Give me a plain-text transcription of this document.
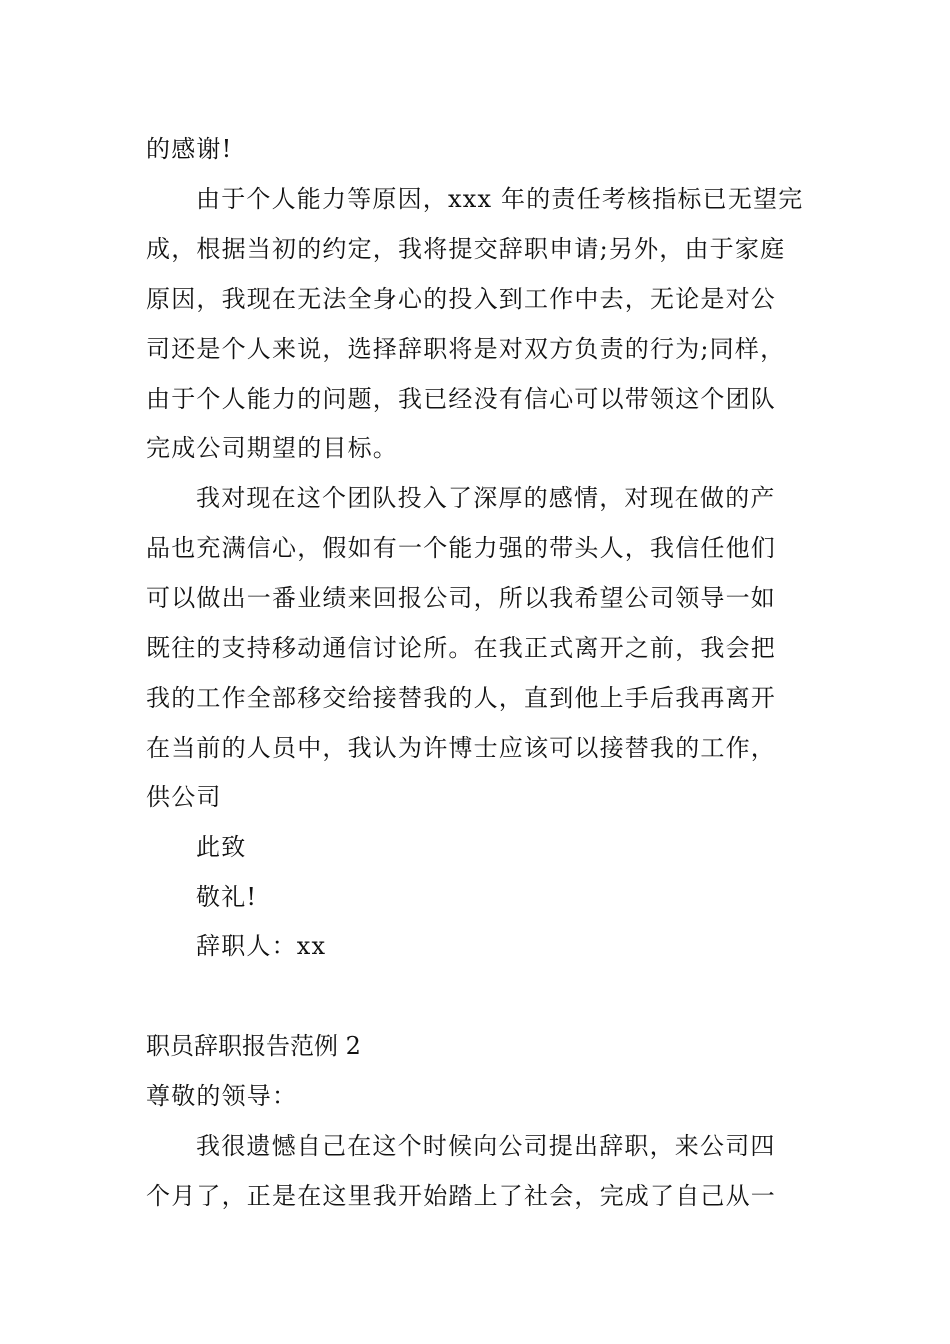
的感谢!
由于个人能力等原因，xxx 年的责任考核指标已无望完
成，根据当初的约定，我将提交辞职申请;另外，由于家庭
原因，我现在无法全身心的投入到工作中去，无论是对公
司还是个人来说，选择辞职将是对双方负责的行为;同样，
由于个人能力的问题，我已经没有信心可以带领这个团队
完成公司期望的目标。
我对现在这个团队投入了深厚的感情，对现在做的产
品也充满信心，假如有一个能力强的带头人，我信任他们
可以做出一番业绩来回报公司，所以我希望公司领导一如
既往的支持移动通信讨论所。在我正式离开之前，我会把
我的工作全部移交给接替我的人，直到他上手后我再离开
在当前的人员中，我认为许博士应该可以接替我的工作，
供公司
此致
敬礼!
辞职人：xx
职员辞职报告范例 2
尊敬的领导：
我很遗憾自己在这个时候向公司提出辞职，来公司四
个月了，正是在这里我开始踏上了社会，完成了自己从一
